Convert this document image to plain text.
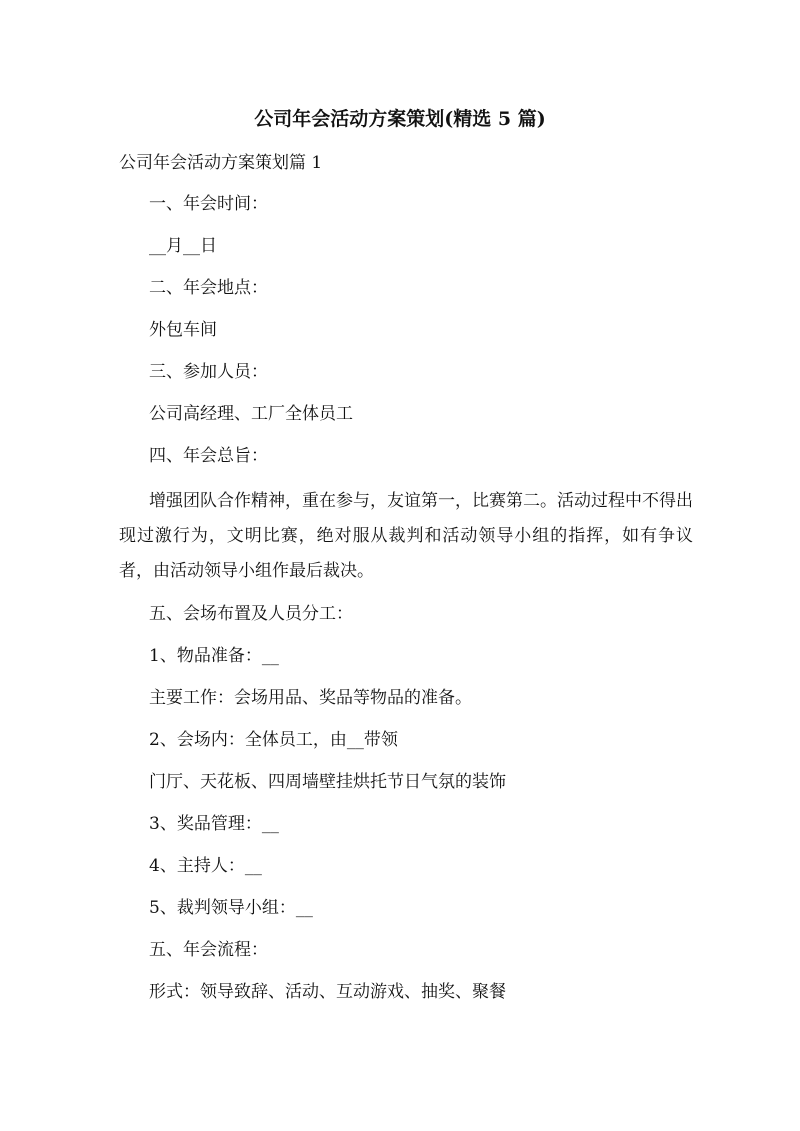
公司年会活动方案策划(精选 5 篇)
公司年会活动方案策划篇 1

一、年会时间：

__月__日

二、年会地点：

外包车间

三、参加人员：

公司高经理、工厂全体员工

四、年会总旨：

增强团队合作精神，重在参与，友谊第一，比赛第二。活动过程中不得出现过激行为，文明比赛，绝对服从裁判和活动领导小组的指挥，如有争议者，由活动领导小组作最后裁决。

五、会场布置及人员分工：

1、物品准备：__

主要工作：会场用品、奖品等物品的准备。

2、会场内：全体员工，由__带领

门厅、天花板、四周墙壁挂烘托节日气氛的装饰

3、奖品管理：__

4、主持人：__

5、裁判领导小组：__

五、年会流程：

形式：领导致辞、活动、互动游戏、抽奖、聚餐
